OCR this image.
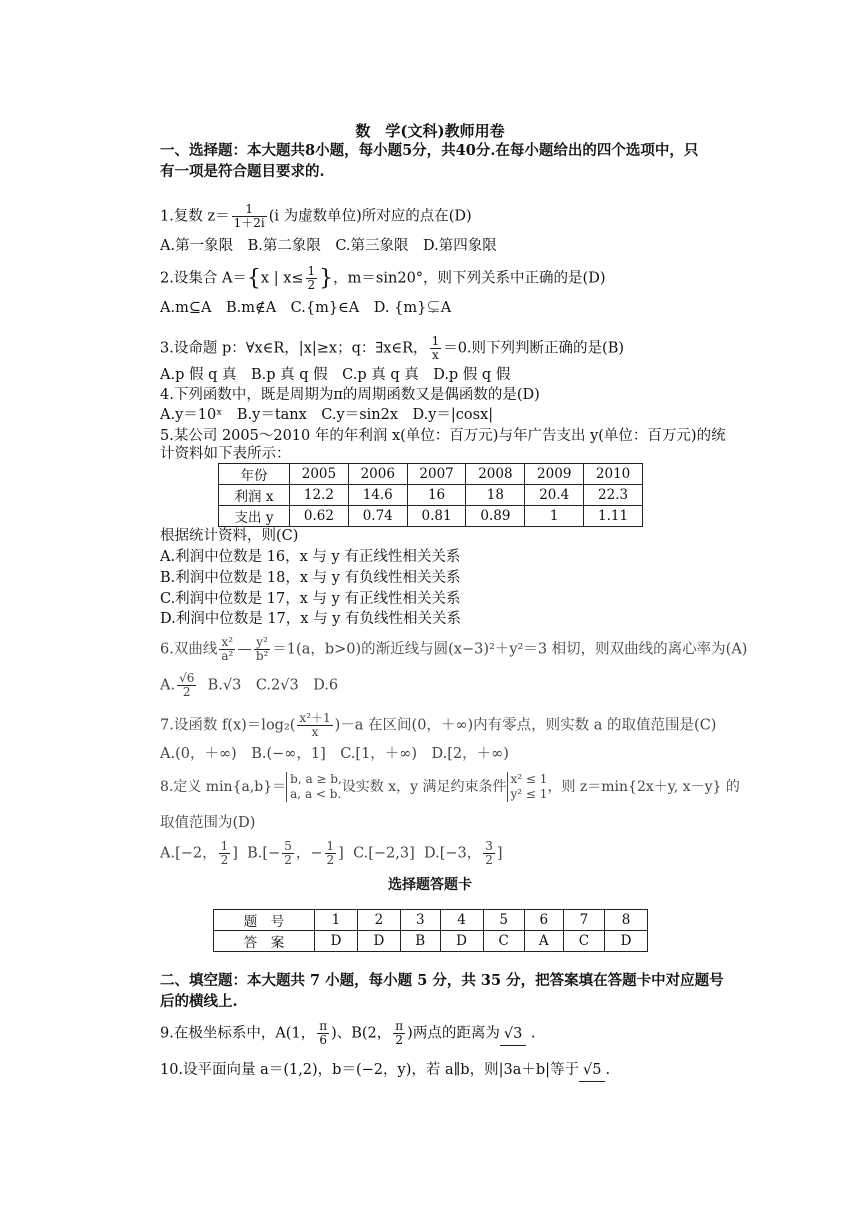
数　学(文科)教师用卷
一、选择题：本大题共8小题，每小题5分，共40分.在每小题给出的四个选项中，只
有一项是符合题目要求的.
1.复数 $z= \frac{1}{1+2i} (i$ 为虚数单位)所对应的点在(D)
A.第一象限　B.第二象限　C.第三象限　D.第四象限
2.设集合 A＝{x | $x\le \frac{1}{2}$ }，m＝sin20°，则下列关系中正确的是(D)
A.m⊆A　B.m∉A　C.{m}∈A　D. {m}⊊A
3.设命题 p：∀x∈R，|x|≥x；q：∃x∈R， $\frac{1}{x} =0$.则下列判断正确的是(B)
A.p 假 q 真　B.p 真 q 假　C.p 真 q 真　D.p 假 q 假
4.下列函数中，既是周期为π的周期函数又是偶函数的是(D)
A.y＝10ˣ　B.y＝tanx　C.y＝sin2x　D.y＝|cosx|
5.某公司 2005～2010 年的年利润 x(单位：百万元)与年广告支出 y(单位：百万元)的统
计资料如下表所示：
年份	2005	2006	2007	2008	2009	2010
利润 x	12.2	14.6	16	18	20.4	22.3
支出 y	0.62	0.74	0.81	0.89	1	1.11
根据统计资料，则(C)
A.利润中位数是 16，x 与 y 有正线性相关关系
B.利润中位数是 18，x 与 y 有负线性相关关系
C.利润中位数是 17，x 与 y 有正线性相关关系
D.利润中位数是 17，x 与 y 有负线性相关关系
6.双曲线 $\frac{\text{x²}}{\text{a²}}$ — $\frac{\text{y²}}{\text{b²}} =1(a$，b>0)的渐近线与圆(x−3)²＋y²＝3 相切，则双曲线的离心率为(A)
A. $\frac{√6}{2} B.√3$　C.2√3　D.6
7.设函数 $f(x)=\log_2( \frac{\text{x²＋1}}{x} )-a$ 在区间(0，＋∞)内有零点，则实数 a 的取值范围是(C)
A.(0，＋∞)　B.(−∞，1]　C.[1，＋∞)　D.[2，＋∞)
8.定义 min{a,b}＝ b, a ≥ b,
a, a < b. 设实数 x，y 满足约束条件 x² ≤ 1
y² ≤ 1 ，则 z＝min{2x＋y, x－y} 的
取值范围为(D)
A.[−2， $\frac{1}{2}$ ] $B.[- \frac{5}{2}$ ，− $\frac{1}{2}$ ] C.[−2,3] D.[−3， $\frac{3}{2}$ ]
选择题答题卡
题　号	1	2	3	4	5	6	7	8
答　案	D	D	B	D	C	A	C	D
二、填空题：本大题共 7 小题，每小题 5 分，共 35 分，把答案填在答题卡中对应题号
后的横线上.
9.在极坐标系中，A(1， $\frac{\pi}{6}$ )、B(2， $\frac{\pi}{2}$ )两点的距离为 √3 .
10.设平面向量 a＝(1,2)，b＝(−2，y)，若 a∥b，则|3a＋b|等于 √5 .
